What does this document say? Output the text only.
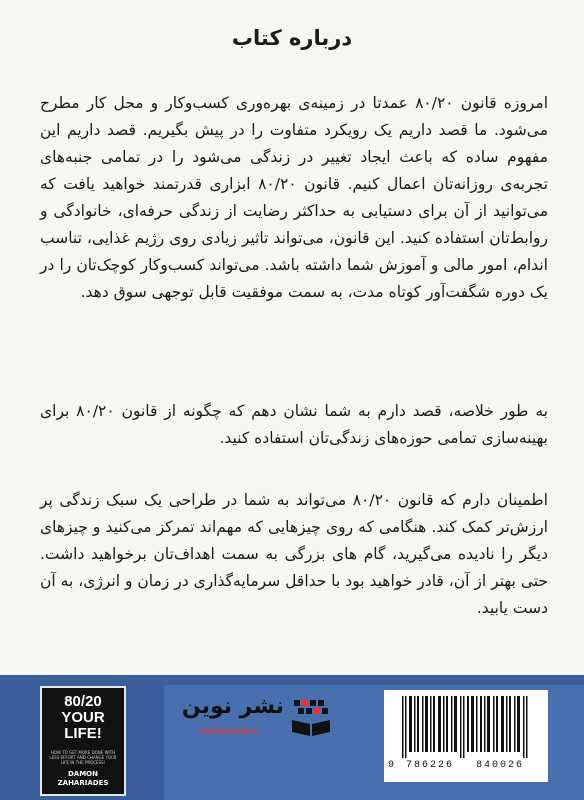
درباره کتاب

امروزه قانون ۸۰/۲۰ عمدتا در زمینه‌ی بهره‌وری کسب‌وکار و محل کار مطرح می‌شود. ما قصد داریم یک رویکرد متفاوت را در پیش بگیریم. قصد داریم این مفهوم ساده که باعث ایجاد تغییر در زندگی می‌شود را در تمامی جنبه‌های تجربه‌ی روزانه‌تان اعمال کنیم. قانون ۸۰/۲۰ ابزاری قدرتمند خواهید یافت که می‌توانید از آن برای دستیابی به حداکثر رضایت از زندگی حرفه‌ای، خانوادگی و روابط‌تان استفاده کنید. این قانون، می‌تواند تاثیر زیادی روی رژیم غذایی، تناسب اندام، امور مالی و آموزش شما داشته باشد. می‌تواند کسب‌وکار کوچک‌تان را در یک دوره شگفت‌آور کوتاه مدت، به سمت موفقیت قابل توجهی سوق دهد.

به طور خلاصه، قصد دارم به شما نشان دهم که چگونه از قانون ۸۰/۲۰ برای بهینه‌سازی تمامی حوزه‌های زندگی‌تان استفاده کنید.

اطمینان دارم که قانون ۸۰/۲۰ می‌تواند به شما در طراحی یک سبک زندگی پر ارزش‌تر کمک کند. هنگامی که روی چیزهایی که مهم‌اند تمرکز می‌کنید و چیزهای دیگر را نادیده می‌گیرید، گام های بزرگی به سمت اهداف‌تان برخواهید داشت. حتی بهتر از آن، قادر خواهید بود با حداقل سرمایه‌گذاری در زمان و انرژی، به آن دست یابید.

80/20
YOUR
LIFE!
HOW TO GET MORE DONE WITH LESS EFFORT AND CHANGE YOUR LIFE IN THE PROCESS!
DAMON
ZAHARIADES
نشر نوین
nashrenowin.ir
9 786226 840026
